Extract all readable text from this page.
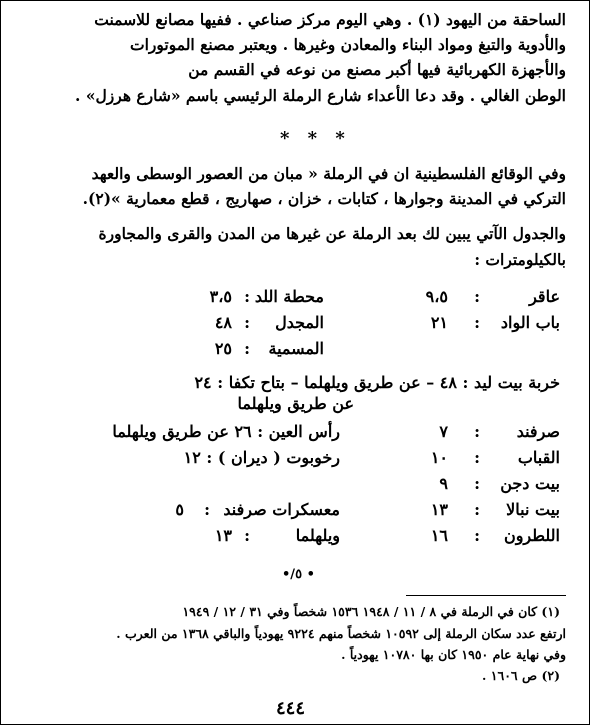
الساحقة من اليهود (١) . وهي اليوم مركز صناعي . ففيها مصانع للاسمنت
والأدوية والتبغ ومواد البناء والمعادن وغيرها . ويعتبر مصنع الموتورات
والأجهزة الكهربائية فيها أكبر مصنع من نوعه في القسم من
الوطن الغالي . وقد دعا الأعداء شارع الرملة الرئيسي باسم «شارع هرزل» .
* * *
وفي الوقائع الفلسطينية ان في الرملة « مبان من العصور الوسطى والعهد
التركي في المدينة وجوارها ، كتابات ، خزان ، صهاريج ، قطع معمارية »(٢).
والجدول الآتي يبين لك بعد الرملة عن غيرها من المدن والقرى والمجاورة
بالكيلومترات :
عاقر
:
٩،٥
محطة اللد
:
٣،٥
باب الواد
:
٢١
المجدل
:
٤٨
المسمية
:
٢٥
خربة بيت ليد : ٤٨ – عن طريق ويلهلما – بتاح تكفا : ٢٤
عن طريق ويلهلما
صرفند
:
٧
رأس العين : ٢٦ عن طريق ويلهلما
القباب
:
١٠
رخوبوت ( ديران ) : ١٢
بيت دجن
:
٩
بيت نبالا
:
١٣
معسكرات صرفند
:
٥
اللطرون
:
١٦
ويلهلما
:
١٣
• ٥/•
(١) كان في الرملة في ٨ / ١١ / ١٩٤٨ ١٥٣٦ شخصاً وفي ٣١ / ١٢ / ١٩٤٩
ارتفع عدد سكان الرملة إلى ١٠٥٩٢ شخصاً منهم ٩٢٢٤ يهودياً والباقي ١٣٦٨ من العرب .
وفي نهاية عام ١٩٥٠ كان بها ١٠٧٨٠ يهودياً .
(٢) ص ١٦٠٦ .
٤٤٤
